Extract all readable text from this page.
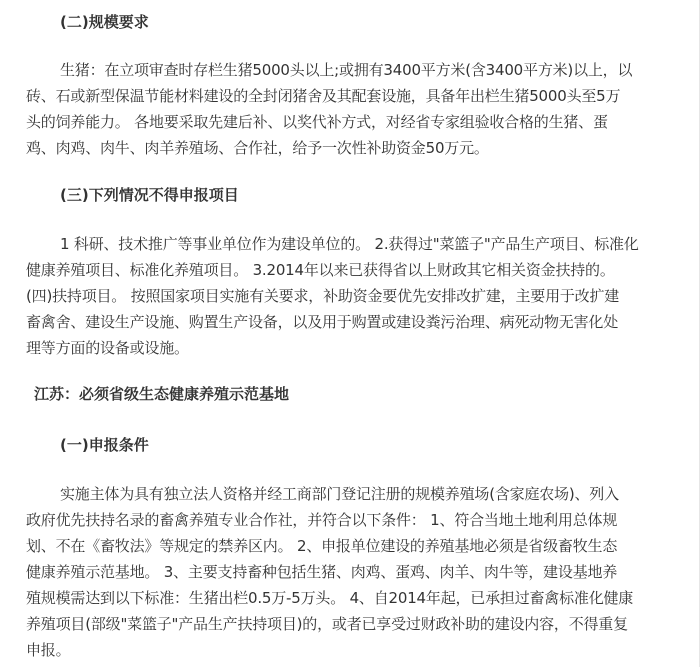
(二)规模要求
生猪：在立项审查时存栏生猪5000头以上;或拥有3400平方米(含3400平方米)以上，以
砖、石或新型保温节能材料建设的全封闭猪舍及其配套设施，具备年出栏生猪5000头至5万
头的饲养能力。 各地要采取先建后补、以奖代补方式，对经省专家组验收合格的生猪、蛋
鸡、肉鸡、肉牛、肉羊养殖场、合作社，给予一次性补助资金50万元。
(三)下列情况不得申报项目
1 科研、技术推广等事业单位作为建设单位的。 2.获得过"菜篮子"产品生产项目、标准化
健康养殖项目、标准化养殖项目。 3.2014年以来已获得省以上财政其它相关资金扶持的。
(四)扶持项目。 按照国家项目实施有关要求，补助资金要优先安排改扩建，主要用于改扩建
畜禽舍、建设生产设施、购置生产设备，以及用于购置或建设粪污治理、病死动物无害化处
理等方面的设备或设施。
江苏：必须省级生态健康养殖示范基地
(一)申报条件
实施主体为具有独立法人资格并经工商部门登记注册的规模养殖场(含家庭农场)、列入
政府优先扶持名录的畜禽养殖专业合作社，并符合以下条件： 1、符合当地土地利用总体规
划、不在《畜牧法》等规定的禁养区内。 2、申报单位建设的养殖基地必须是省级畜牧生态
健康养殖示范基地。 3、主要支持畜种包括生猪、肉鸡、蛋鸡、肉羊、肉牛等，建设基地养
殖规模需达到以下标准：生猪出栏0.5万-5万头。 4、自2014年起，已承担过畜禽标准化健康
养殖项目(部级"菜篮子"产品生产扶持项目)的，或者已享受过财政补助的建设内容，不得重复
申报。
